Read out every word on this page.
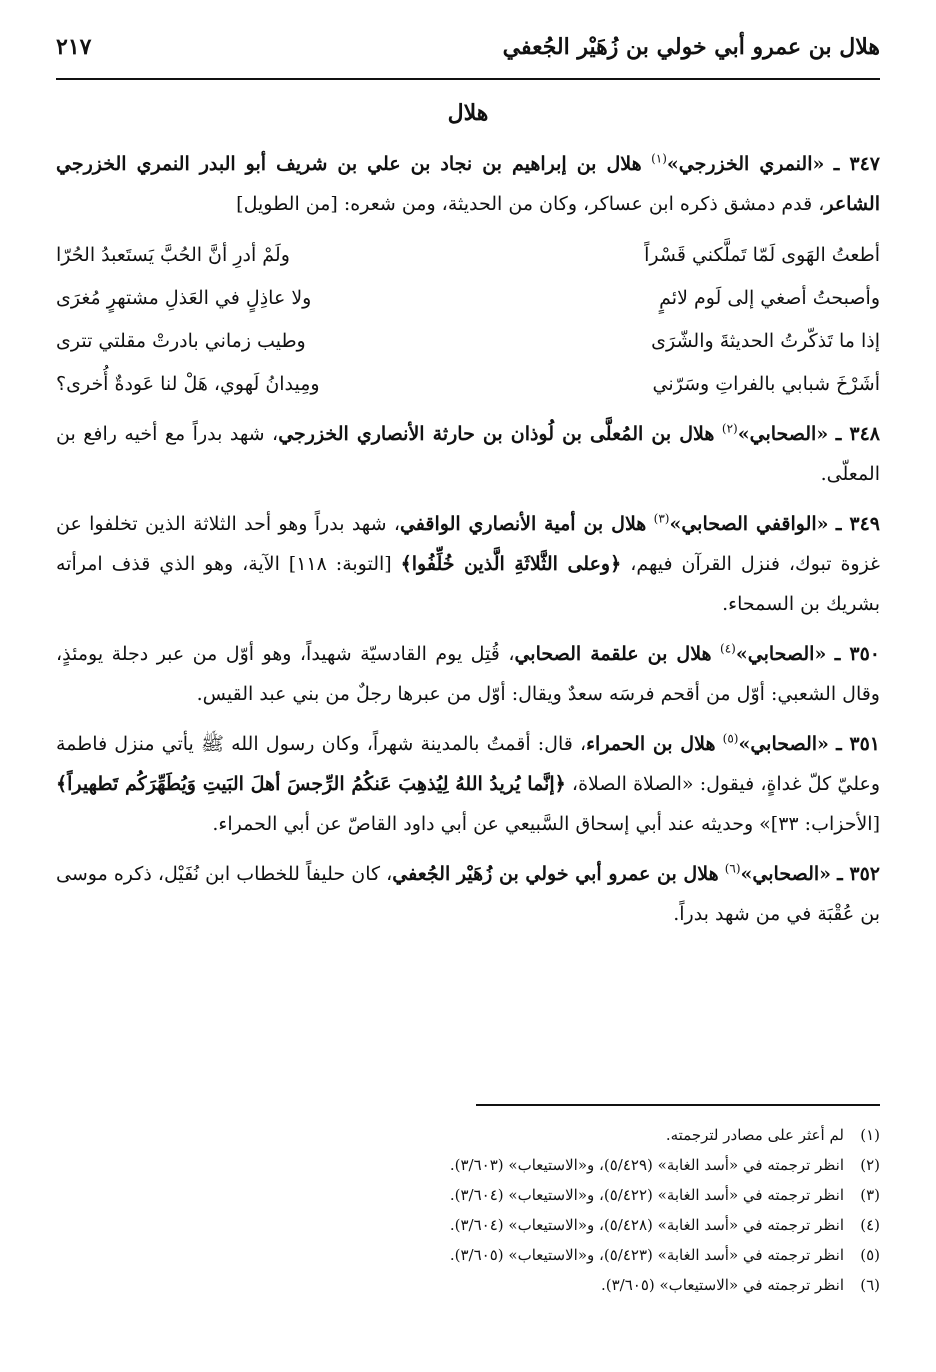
هلال بن عمرو أبي خولي بن زُهَيْر الجُعفي
٢١٧
هلال

٣٤٧ ـ «النمري الخزرجي»$^{(١)}$ هلال بن إبراهيم بن نجاد بن علي بن شريف أبو البدر النمري الخزرجي الشاعر، قدم دمشق ذكره ابن عساكر، وكان من الحديثة، ومن شعره: [من الطويل]

أطعتُ الهَوى لَمّا تَملَّكني قَسْراً
ولَمْ أدرِ أنَّ الحُبَّ يَستَعبدُ الحُرّا
وأصبحتُ أصغي إلى لَوم لائمٍ
ولا عاذِلٍ في العَذلِ مشتهرٍ مُغرَى
إذا ما تَذكّرتُ الحديثةَ والشّرَى
وطيب زماني بادرتْ مقلتي تترى
أشَرْخَ شبابي بالفراتِ وسَرّني
ومِيدانُ لَهوي، هَلْ لنا عَودةٌ أُخرى؟

٣٤٨ ـ «الصحابي»$^{(٢)}$ هلال بن المُعلَّى بن لُوذان بن حارثة الأنصاري الخزرجي، شهد بدراً مع أخيه رافع بن المعلّى.

٣٤٩ ـ «الواقفي الصحابي»$^{(٣)}$ هلال بن أمية الأنصاري الواقفي، شهد بدراً وهو أحد الثلاثة الذين تخلفوا عن غزوة تبوك، فنزل القرآن فيهم، ﴿وعلى الثَّلاثَةِ الَّذين خُلِّفُوا﴾ [التوبة: ١١٨] الآية، وهو الذي قذف امرأته بشريك بن السمحاء.

٣٥٠ ـ «الصحابي»$^{(٤)}$ هلال بن علقمة الصحابي، قُتِل يوم القادسيّة شهيداً، وهو أوّل من عبر دجلة يومئذٍ، وقال الشعبي: أوّل من أقحم فرسَه سعدٌ ويقال: أوّل من عبرها رجلٌ من بني عبد القيس.

٣٥١ ـ «الصحابي»$^{(٥)}$ هلال بن الحمراء، قال: أقمتُ بالمدينة شهراً، وكان رسول الله ﷺ يأتي منزل فاطمة وعليّ كلّ غداةٍ، فيقول: «الصلاة الصلاة، ﴿إنَّما يُريدُ اللهُ لِيُذهِبَ عَنكُمُ الرِّجسَ أهلَ البَيتِ وَيُطَهِّرَكُم تَطهيراً﴾ [الأحزاب: ٣٣]» وحديثه عند أبي إسحاق السَّبيعي عن أبي داود القاصّ عن أبي الحمراء.

٣٥٢ ـ «الصحابي»$^{(٦)}$ هلال بن عمرو أبي خولي بن زُهَيْر الجُعفي، كان حليفاً للخطاب ابن نُفَيْل، ذكره موسى بن عُقْبَة في من شهد بدراً.

(١)لم أعثر على مصادر لترجمته.
(٢)انظر ترجمته في «أسد الغابة» (٥/٤٢٩)، و«الاستيعاب» (٣/٦٠٣).
(٣)انظر ترجمته في «أسد الغابة» (٥/٤٢٢)، و«الاستيعاب» (٣/٦٠٤).
(٤)انظر ترجمته في «أسد الغابة» (٥/٤٢٨)، و«الاستيعاب» (٣/٦٠٤).
(٥)انظر ترجمته في «أسد الغابة» (٥/٤٢٣)، و«الاستيعاب» (٣/٦٠٥).
(٦)انظر ترجمته في «الاستيعاب» (٣/٦٠٥).
